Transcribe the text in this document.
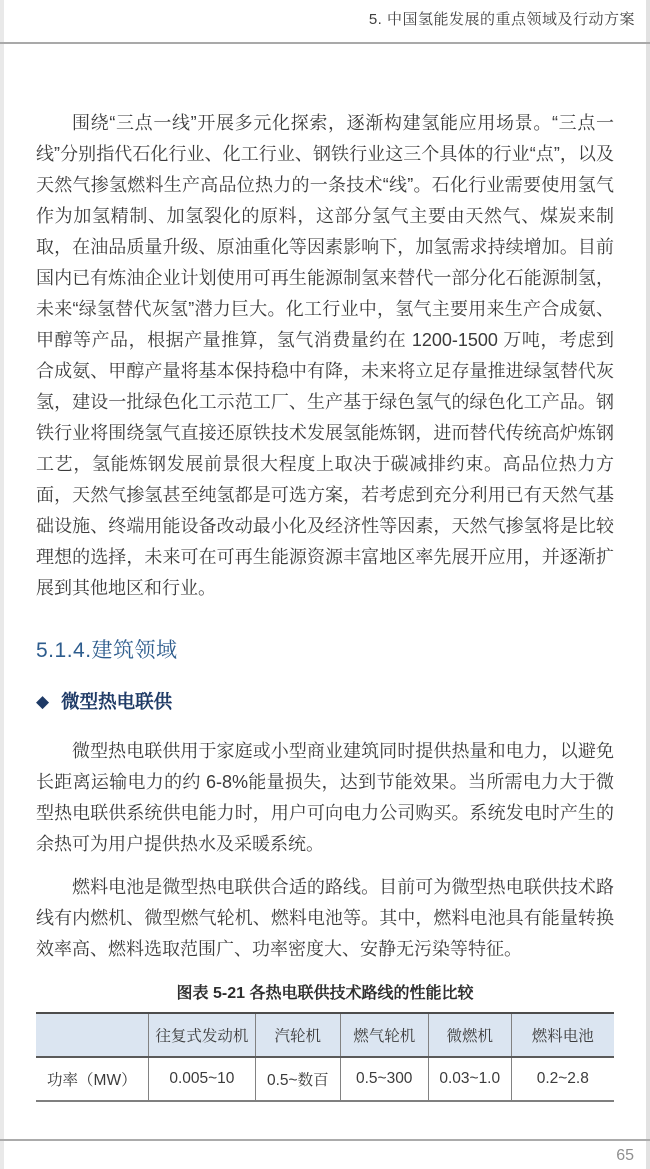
5. 中国氢能发展的重点领域及行动方案

围绕“三点一线”开展多元化探索，逐渐构建氢能应用场景。“三点一线”分别指代石化行业、化工行业、钢铁行业这三个具体的行业“点”，以及天然气掺氢燃料生产高品位热力的一条技术“线”。石化行业需要使用氢气作为加氢精制、加氢裂化的原料，这部分氢气主要由天然气、煤炭来制取，在油品质量升级、原油重化等因素影响下，加氢需求持续增加。目前国内已有炼油企业计划使用可再生能源制氢来替代一部分化石能源制氢，未来“绿氢替代灰氢”潜力巨大。化工行业中，氢气主要用来生产合成氨、甲醇等产品，根据产量推算，氢气消费量约在 1200-1500 万吨，考虑到合成氨、甲醇产量将基本保持稳中有降，未来将立足存量推进绿氢替代灰氢，建设一批绿色化工示范工厂、生产基于绿色氢气的绿色化工产品。钢铁行业将围绕氢气直接还原铁技术发展氢能炼钢，进而替代传统高炉炼钢工艺，氢能炼钢发展前景很大程度上取决于碳减排约束。高品位热力方面，天然气掺氢甚至纯氢都是可选方案，若考虑到充分利用已有天然气基础设施、终端用能设备改动最小化及经济性等因素，天然气掺氢将是比较理想的选择，未来可在可再生能源资源丰富地区率先展开应用，并逐渐扩展到其他地区和行业。

5.1.4.建筑领域
◆ 微型热电联供

微型热电联供用于家庭或小型商业建筑同时提供热量和电力，以避免长距离运输电力的约 6-8%能量损失，达到节能效果。当所需电力大于微型热电联供系统供电能力时，用户可向电力公司购买。系统发电时产生的余热可为用户提供热水及采暖系统。

燃料电池是微型热电联供合适的路线。目前可为微型热电联供技术路线有内燃机、微型燃气轮机、燃料电池等。其中，燃料电池具有能量转换效率高、燃料选取范围广、功率密度大、安静无污染等特征。

图表 5-21 各热电联供技术路线的性能比较
	往复式发动机	汽轮机	燃气轮机	微燃机	燃料电池
功率（MW）	0.005~10	0.5~数百	0.5~300	0.03~1.0	0.2~2.8
65
